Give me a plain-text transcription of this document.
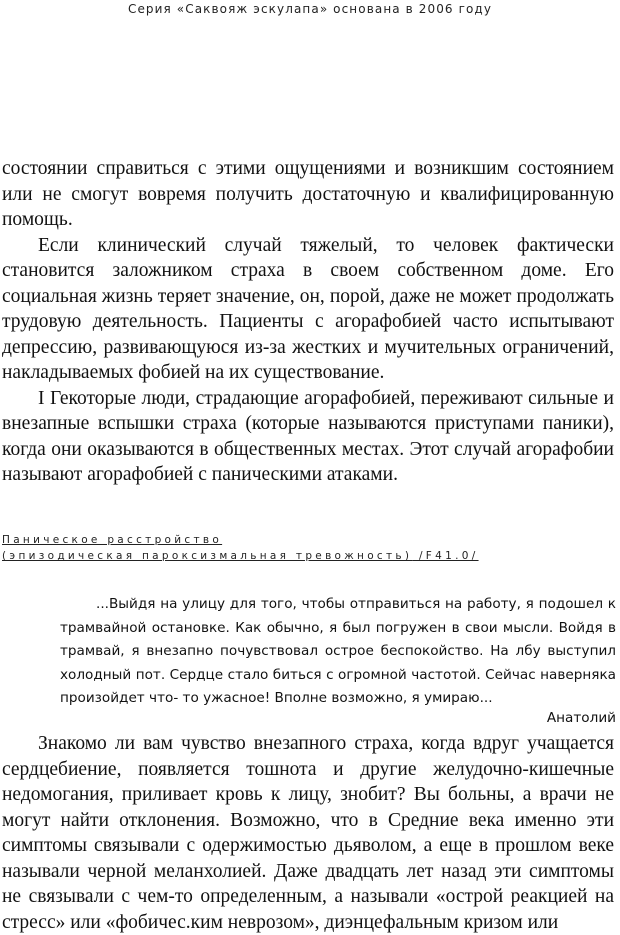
Серия «Саквояж эскулапа» основана в 2006 году

состоянии справиться с этими ощущениями и возникшим состоянием или не смогут вовремя получить достаточную и квалифицированную помощь.

Если клинический случай тяжелый, то человек фактически становится заложником страха в своем собственном доме. Его социальная жизнь теряет значение, он, порой, даже не может продолжать трудовую деятельность. Пациенты с агорафобией часто испытывают депрессию, развивающуюся из-за жестких и мучительных ограничений, накладываемых фобией на их существование.

I Гекоторые люди, страдающие агорафобией, переживают сильные и внезапные вспышки страха (которые называются приступами паники), когда они оказываются в общественных местах. Этот случай агорафобии называют агорафобией с паническими атаками.

Паническое расстройство
(эпизодическая пароксизмальная тревожность) /F41.0/

...Выйдя на улицу для того, чтобы отправиться на работу, я подошел к трамвайной остановке. Как обычно, я был погружен в свои мысли. Войдя в трамвай, я внезапно почувствовал острое беспокойство. На лбу выступил холодный пот. Сердце стало биться с огромной частотой. Сейчас наверняка произойдет что- то ужасное! Вполне возможно, я умираю...

Анатолий

Знакомо ли вам чувство внезапного страха, когда вдруг учащается сердцебиение, появляется тошнота и другие желудочно-кишечные недомогания, приливает кровь к лицу, знобит? Вы больны, а врачи не могут найти отклонения. Возможно, что в Средние века именно эти симптомы связывали с одержимостью дьяволом, а еще в прошлом веке называли черной меланхолией. Даже двадцать лет назад эти симптомы не связывали с чем-то определенным, а называли «острой реакцией на стресс» или «фобичес.ким неврозом», диэнцефальным кризом или
